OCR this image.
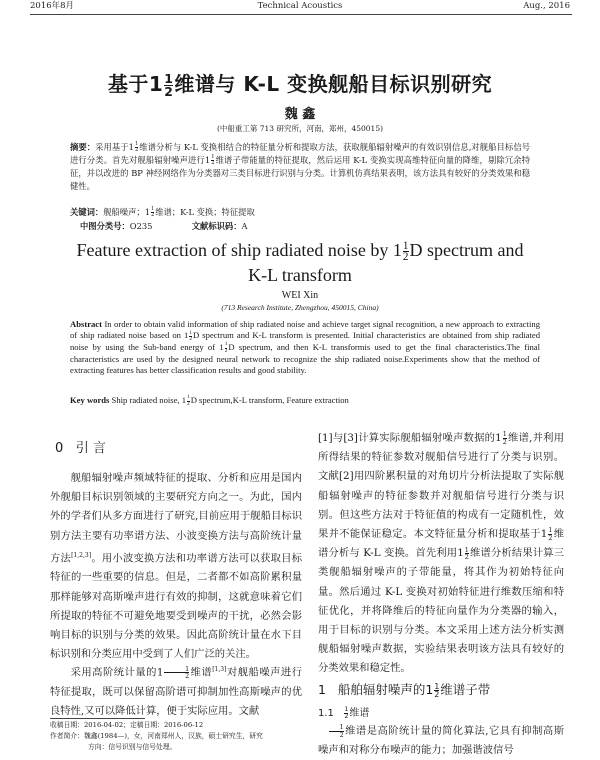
2016年8月	Technical Acoustics	Aug., 2016
基于$1 \frac{1}{2}$ 维谱与 K-L 变换舰船目标识别研究
魏 鑫
(中船重工第 713 研究所，河南，郑州，450015)
摘要：采用基于$1 \frac{1}{2}$ 维谱分析与 K-L 变换相结合的特征量分析和提取方法，获取舰船辐射噪声的有效识别信息,对舰船目标信号进行分类。首先对舰船辐射噪声进行$1 \frac{1}{2}$ 维谱子带能量的特征提取，然后运用 K-L 变换实现高维特征向量的降维，剔除冗余特征，并以改进的 BP 神经网络作为分类器对三类目标进行识别与分类。计算机仿真结果表明，该方法具有较好的分类效果和稳健性。
关键词：舰船噪声；$1 \frac{1}{2}$ 维谱；K-L 变换；特征提取
中图分类号：O235	文献标识码：A
Feature extraction of ship radiated noise by $1 \frac{1}{2}$ D spectrum and
K-L transform
WEI Xin
(713 Research Institute, Zhengzhou, 450015, China)
Abstract In order to obtain valid information of ship radiated noise and achieve target signal recognition, a new approach to extracting of ship radiated noise based on $1 \frac{1}{2}$ D spectrum and K-L transform is presented. Initial characteristics are obtained from ship radiated noise by using the Sub-band energy of $1 \frac{1}{2}$ D spectrum, and then K-L transformis used to get the final characteristics.The final characteristics are used by the designed neural network to recognize the ship radiated noise.Experiments show that the method of extracting features has better classification results and good stability.
Key words Ship radiated noise, $1 \frac{1}{2}$ D spectrum,K-L transform, Feature extraction
0 引 言
舰船辐射噪声频域特征的提取、分析和应用是国内外舰船目标识别领域的主要研究方向之一。为此，国内外的学者们从多方面进行了研究,目前应用于舰船目标识别方法主要有功率谱方法、小波变换方法与高阶统计量方法[1,2,3]。用小波变换方法和功率谱方法可以获取目标特征的一些重要的信息。但是，二者都不如高阶累积量那样能够对高斯噪声进行有效的抑制，这就意味着它们所提取的特征不可避免地要受到噪声的干扰，必然会影响目标的识别与分类的效果。因此高阶统计量在水下目标识别和分类应用中受到了人们广泛的关注。
采用高阶统计量的$1 \frac{1}{2}$ 维谱[1,3]对舰船噪声进行特征提取，既可以保留高阶谱可抑制加性高斯噪声的优良特性,又可以降低计算，便于实际应用。文献
收稿日期：2016-04-02；定稿日期：2016-06-12
作者简介：魏鑫(1984—)，女，河南郑州人，汉族，硕士研究生，研究
方向：信号识别与信号处理。
[1]与[3]计算实际舰船辐射噪声数据的$1 \frac{1}{2}$ 维谱,并利用所得结果的特征参数对舰船信号进行了分类与识别。文献[2]用四阶累积量的对角切片分析法提取了实际舰船辐射噪声的特征参数并对舰船信号进行分类与识别。但这些方法对于特征值的构成有一定随机性，效果并不能保证稳定。本文特征量分析和提取基于$1 \frac{1}{2}$ 维谱分析与 K-L 变换。首先利用$1 \frac{1}{2}$ 维谱分析结果计算三类舰船辐射噪声的子带能量，将其作为初始特征向量。然后通过 K-L 变换对初始特征进行维数压缩和特征优化，并将降维后的特征向量作为分类器的输入，用于目标的识别与分类。本文采用上述方法分析实测舰船辐射噪声数据，实验结果表明该方法具有较好的分类效果和稳定性。
1 船舶辐射噪声的$1 \frac{1}{2}$ 维谱子带
$1.1 \frac{1}{2}$ 维谱
$\frac{1}{2}$ 维谱是高阶统计量的简化算法,它具有抑制高斯噪声和对称分布噪声的能力；加强谐波信号
